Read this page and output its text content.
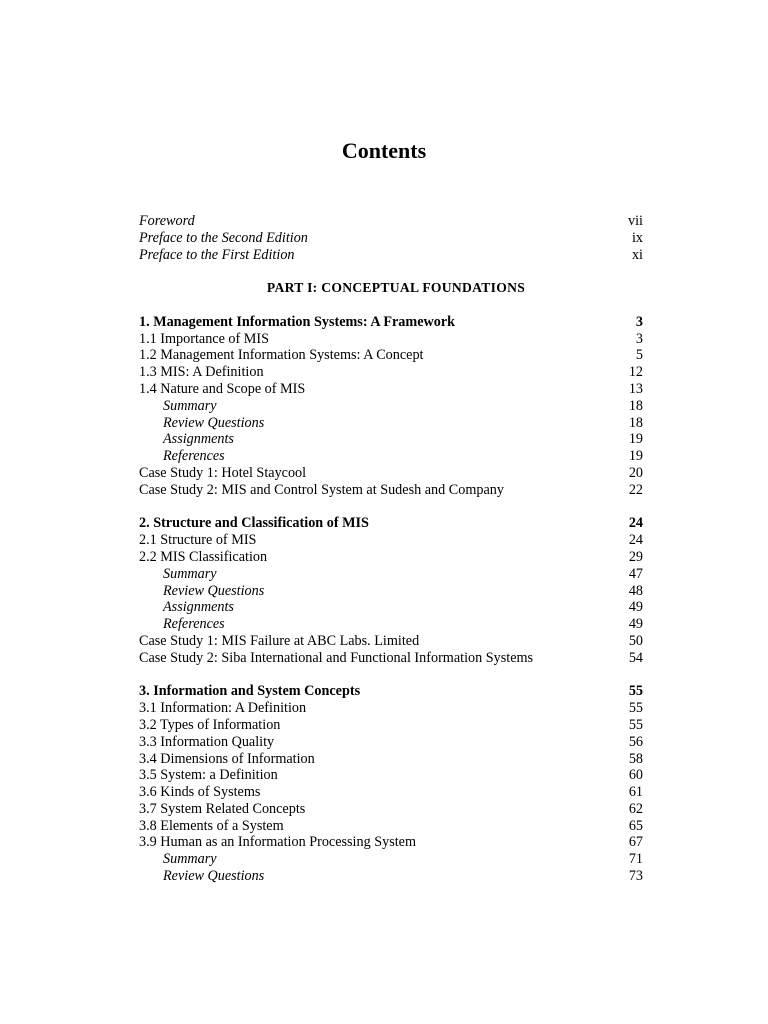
Contents
Foreword	vii
Preface to the Second Edition	ix
Preface to the First Edition	xi
PART I: CONCEPTUAL FOUNDATIONS
1. Management Information Systems: A Framework	3
1.1 Importance of MIS	3
1.2 Management Information Systems: A Concept	5
1.3 MIS: A Definition	12
1.4 Nature and Scope of MIS	13
Summary	18
Review Questions	18
Assignments	19
References	19
Case Study 1: Hotel Staycool	20
Case Study 2: MIS and Control System at Sudesh and Company	22
2. Structure and Classification of MIS	24
2.1 Structure of MIS	24
2.2 MIS Classification	29
Summary	47
Review Questions	48
Assignments	49
References	49
Case Study 1: MIS Failure at ABC Labs. Limited	50
Case Study 2: Siba International and Functional Information Systems	54
3. Information and System Concepts	55
3.1 Information: A Definition	55
3.2 Types of Information	55
3.3 Information Quality	56
3.4 Dimensions of Information	58
3.5 System: a Definition	60
3.6 Kinds of Systems	61
3.7 System Related Concepts	62
3.8 Elements of a System	65
3.9 Human as an Information Processing System	67
Summary	71
Review Questions	73
